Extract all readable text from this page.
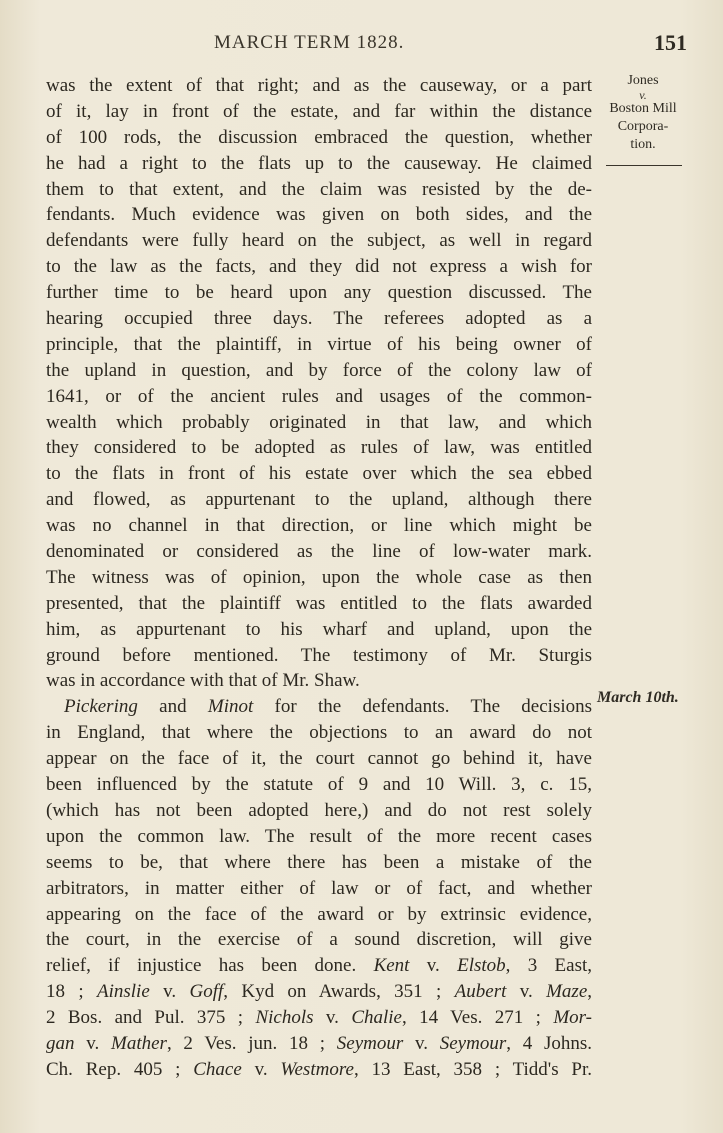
MARCH TERM 1828.	151
Jones
v.
Boston Mill
Corpora-
tion.
March 10th.
was the extent of that right; and as the causeway, or a part
of it, lay in front of the estate, and far within the distance
of 100 rods, the discussion embraced the question, whether
he had a right to the flats up to the causeway. He claimed
them to that extent, and the claim was resisted by the de-
fendants. Much evidence was given on both sides, and the
defendants were fully heard on the subject, as well in regard
to the law as the facts, and they did not express a wish for
further time to be heard upon any question discussed. The
hearing occupied three days. The referees adopted as a
principle, that the plaintiff, in virtue of his being owner of
the upland in question, and by force of the colony law of
1641, or of the ancient rules and usages of the common-
wealth which probably originated in that law, and which
they considered to be adopted as rules of law, was entitled
to the flats in front of his estate over which the sea ebbed
and flowed, as appurtenant to the upland, although there
was no channel in that direction, or line which might be
denominated or considered as the line of low-water mark.
The witness was of opinion, upon the whole case as then
presented, that the plaintiff was entitled to the flats awarded
him, as appurtenant to his wharf and upland, upon the
ground before mentioned. The testimony of Mr. Sturgis
was in accordance with that of Mr. Shaw.
Pickering and Minot for the defendants. The decisions
in England, that where the objections to an award do not
appear on the face of it, the court cannot go behind it, have
been influenced by the statute of 9 and 10 Will. 3, c. 15,
(which has not been adopted here,) and do not rest solely
upon the common law. The result of the more recent cases
seems to be, that where there has been a mistake of the
arbitrators, in matter either of law or of fact, and whether
appearing on the face of the award or by extrinsic evidence,
the court, in the exercise of a sound discretion, will give
relief, if injustice has been done. Kent v. Elstob, 3 East,
18 ; Ainslie v. Goff, Kyd on Awards, 351 ; Aubert v. Maze,
2 Bos. and Pul. 375 ; Nichols v. Chalie, 14 Ves. 271 ; Mor-
gan v. Mather, 2 Ves. jun. 18 ; Seymour v. Seymour, 4 Johns.
Ch. Rep. 405 ; Chace v. Westmore, 13 East, 358 ; Tidd's Pr.
